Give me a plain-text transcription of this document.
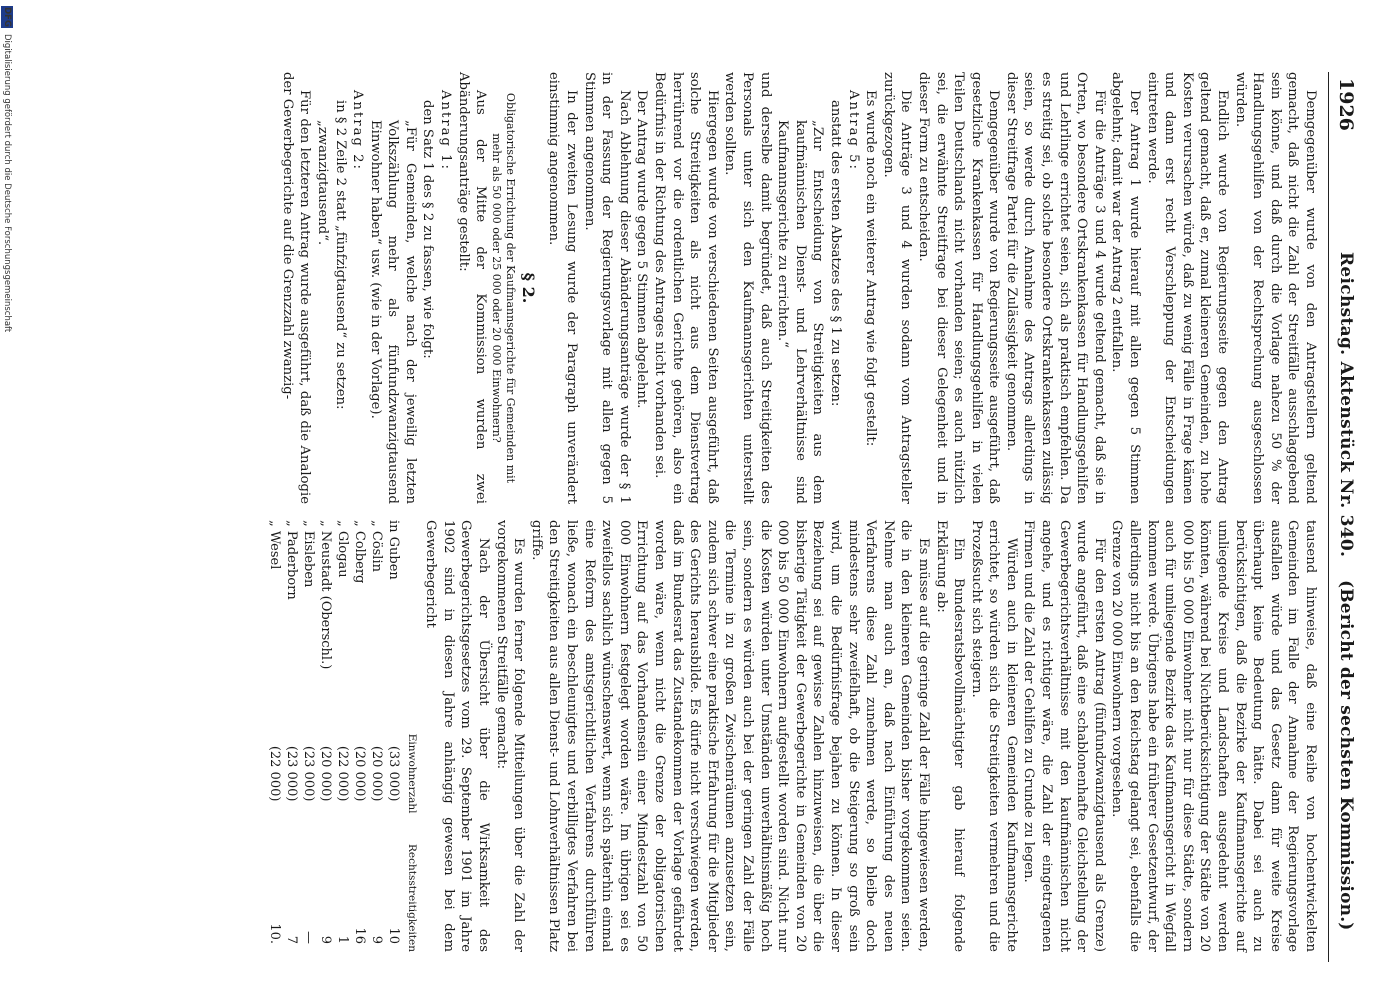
DFG
Digitalisierung gefördert durch die Deutsche Forschungsgemeinschaft	1926
Reichstag. Aktenstück Nr. 340.
(Bericht der sechsten Kommission.)

Demgegenüber wurde von den Antragstellern geltend gemacht, daß nicht die Zahl der Streitfälle ausschlaggebend sein könne, und daß durch die Vorlage nahezu 50 % der Handlungsgehilfen von der Rechtsprechung ausgeschlossen würden.

Endlich wurde von Regierungsseite gegen den Antrag geltend gemacht, daß er, zumal kleineren Gemeinden, zu hohe Kosten verursachen würde, daß zu wenig Fälle in Frage kämen und dann erst recht Verschleppung der Entscheidungen eintreten werde.

Der Antrag 1 wurde hierauf mit allen gegen 5 Stimmen abgelehnt; damit war der Antrag 2 entfallen.

Für die Anträge 3 und 4 wurde geltend gemacht, daß sie in Orten, wo besondere Ortskrankenkassen für Handlungsgehilfen und Lehrlinge errichtet seien, sich als praktisch empfehlen. Da es streitig sei, ob solche besondere Ortskrankenkassen zulässig seien, so werde durch Annahme des Antrags allerdings in dieser Streitfrage Partei für die Zulässigkeit genommen.

Demgegenüber wurde von Regierungsseite ausgeführt, daß gesetzliche Krankenkassen für Handlungsgehilfen in vielen Teilen Deutschlands nicht vorhanden seien; es auch nützlich sei, die erwähnte Streitfrage bei dieser Gelegenheit und in dieser Form zu entscheiden.

Die Anträge 3 und 4 wurden sodann vom Antragsteller zurückgezogen.

Es wurde noch ein weiterer Antrag wie folgt gestellt:

Antrag 5:

anstatt des ersten Absatzes des § 1 zu setzen:

„Zur Entscheidung von Streitigkeiten aus dem kaufmännischen Dienst- und Lehrverhältnisse sind Kaufmannsgerichte zu errichten.“

und derselbe damit begründet, daß auch Streitigkeiten des Personals unter sich den Kaufmannsgerichten unterstellt werden sollten.

Hiergegen wurde von verschiedenen Seiten ausgeführt, daß solche Streitigkeiten als nicht aus dem Dienstvertrag herrührend vor die ordentlichen Gerichte gehören, also ein Bedürfnis in der Richtung des Antrages nicht vorhanden sei.

Der Antrag wurde gegen 5 Stimmen abgelehnt.

Nach Ablehnung dieser Abänderungsanträge wurde der § 1 in der Fassung der Regierungsvorlage mit allen gegen 5 Stimmen angenommen.

In der zweiten Lesung wurde der Paragraph unverändert einstimmig angenommen.

§ 2.
Obligatorische Errichtung der Kaufmannsgerichte für Gemeinden mit mehr als 50 000 oder 25 000 oder 20 000 Einwohnern?

Aus der Mitte der Kommission wurden zwei Abänderungsanträge gestellt:

Antrag 1:

den Satz 1 des § 2 zu fassen, wie folgt:

„Für Gemeinden, welche nach der jeweilig letzten Volkszählung mehr als fünfundzwanzigtausend Einwohner haben“ usw. (wie in der Vorlage).

Antrag 2:

in § 2 Zeile 2 statt „fünfzigtausend“ zu setzen:

„zwanzigtausend“.

Für den letzteren Antrag wurde ausgeführt, daß die Analogie der Gewerbegerichte auf die Grenzzahl zwanzig-

tausend hinweise, daß eine Reihe von hochentwickelten Gemeinden im Falle der Annahme der Regierungsvorlage ausfallen würde und das Gesetz dann für weite Kreise überhaupt keine Bedeutung hätte. Dabei sei auch zu berücksichtigen, daß die Bezirke der Kaufmannsgerichte auf umliegende Kreise und Landschaften ausgedehnt werden könnten, während bei Nichtberücksichtigung der Städte von 20 000 bis 50 000 Einwohner nicht nur für diese Städte, sondern auch für umliegende Bezirke das Kaufmannsgericht in Wegfall kommen werde. Übrigens habe ein früherer Gesetzentwurf, der allerdings nicht bis an den Reichstag gelangt sei, ebenfalls die Grenze von 20 000 Einwohnern vorgesehen.

Für den ersten Antrag (fünfundzwanzigtausend als Grenze) wurde angeführt, daß eine schablonenhafte Gleichstellung der Gewerbegerichtsverhältnisse mit den kaufmännischen nicht angehe, und es richtiger wäre, die Zahl der eingetragenen Firmen und die Zahl der Gehilfen zu Grunde zu legen.

Würden auch in kleineren Gemeinden Kaufmannsgerichte errichtet, so würden sich die Streitigkeiten vermehren und die Prozeßsucht sich steigern.

Ein Bundesratsbevollmächtigter gab hierauf folgende Erklärung ab:

Es müsse auf die geringe Zahl der Fälle hingewiesen werden, die in den kleineren Gemeinden bisher vorgekommen seien. Nehme man auch an, daß nach Einführung des neuen Verfahrens diese Zahl zunehmen werde, so bleibe doch mindestens sehr zweifelhaft, ob die Steigerung so groß sein wird, um die Bedürfnisfrage bejahen zu können. In dieser Beziehung sei auf gewisse Zahlen hinzuweisen, die über die bisherige Tätigkeit der Gewerbegerichte in Gemeinden von 20 000 bis 50 000 Einwohnern aufgestellt worden sind. Nicht nur die Kosten würden unter Umständen unverhältnismäßig hoch sein, sondern es würden auch bei der geringen Zahl der Fälle die Termine in zu großen Zwischenräumen anzusetzen sein, zudem sich schwer eine praktische Erfahrung für die Mitglieder des Gerichts herausbilde. Es dürfe nicht verschwiegen werden, daß im Bundesrat das Zustandekommen der Vorlage gefährdet worden wäre, wenn nicht die Grenze der obligatorischen Errichtung auf das Vorhandensein einer Mindestzahl von 50 000 Einwohnern festgelegt worden wäre. Im übrigen sei es zweifellos sachlich wünschenswert, wenn sich späterhin einmal eine Reform des amtsgerichtlichen Verfahrens durchführen ließe, wonach ein beschleunigtes und verbilligtes Verfahren bei den Streitigkeiten aus allen Dienst- und Lohnverhältnissen Platz griffe.

Es wurden ferner folgende Mitteilungen über die Zahl der vorgekommenen Streitfälle gemacht:

Nach der Übersicht über die Wirksamkeit des Gewerbegerichtsgesetzes vom 29. September 1901 im Jahre 1902 sind in diesen Jahre anhängig gewesen bei dem Gewerbegericht

	Einwohnerzahl	Rechtsstreitigkeiten
in Guben	(33 000)	10
„ Cöslin	(20 000)	9
„ Colberg	(20 000)	16
„ Glogau	(22 000)	1
„ Neustadt (Oberschl.)	(20 000)	9
„ Eisleben	(23 000)	—
„ Paderborn	(23 000)	7
„ Wesel	(22 000)	10.
